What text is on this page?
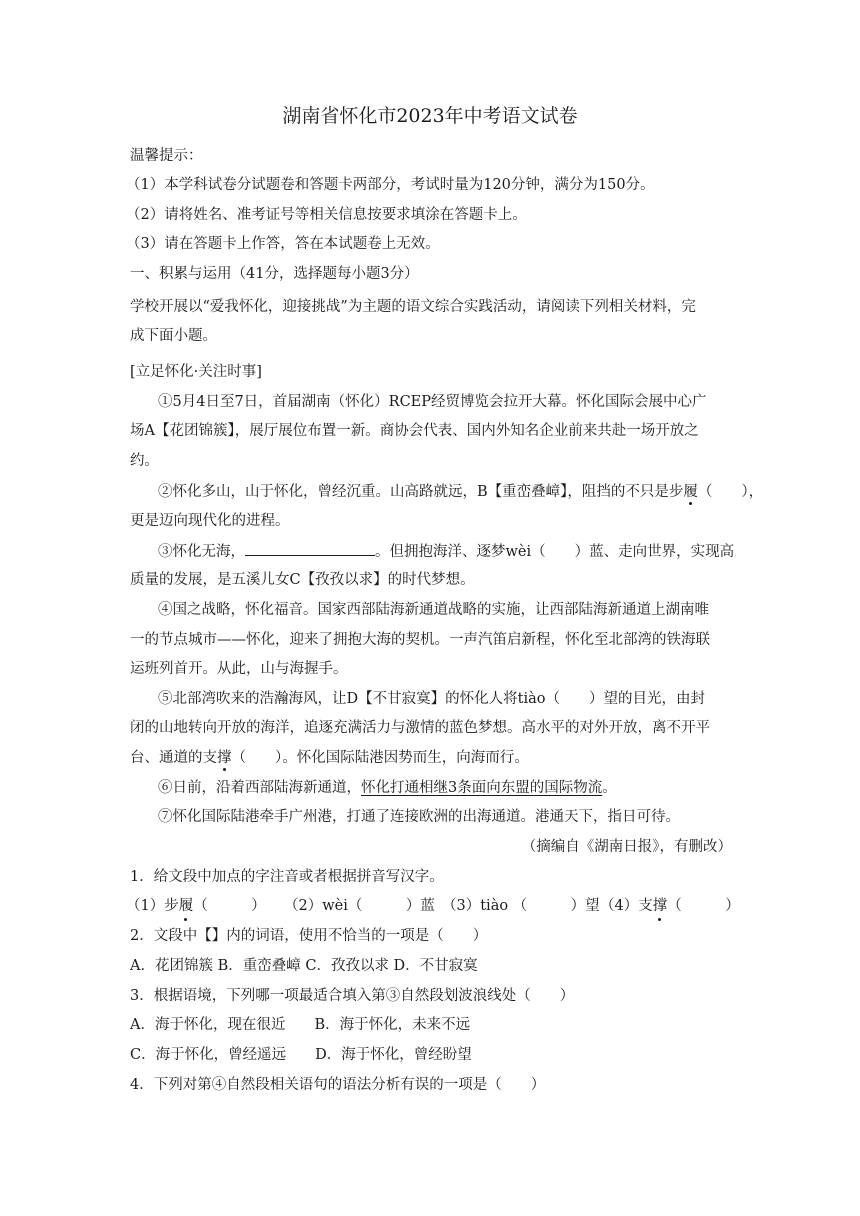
湖南省怀化市2023年中考语文试卷
温馨提示：
（1）本学科试卷分试题卷和答题卡两部分，考试时量为120分钟，满分为150分。
（2）请将姓名、准考证号等相关信息按要求填涂在答题卡上。
（3）请在答题卡上作答，答在本试题卷上无效。
一、积累与运用（41分，选择题每小题3分）
学校开展以“爱我怀化，迎接挑战”为主题的语文综合实践活动，请阅读下列相关材料，完
成下面小题。
[立足怀化·关注时事]
①5月4日至7日，首届湖南（怀化）RCEP经贸博览会拉开大幕。怀化国际会展中心广
场A【花团锦簇】，展厅展位布置一新。商协会代表、国内外知名企业前来共赴一场开放之
约。
②怀化多山，山于怀化，曾经沉重。山高路就远，B【重峦叠嶂】，阻挡的不只是步履（　　），
更是迈向现代化的进程。
③怀化无海，	。但拥抱海洋、逐梦wèi（　　）蓝、走向世界，实现高
质量的发展，是五溪儿女C【孜孜以求】的时代梦想。
④国之战略，怀化福音。国家西部陆海新通道战略的实施，让西部陆海新通道上湖南唯
一的节点城市——怀化，迎来了拥抱大海的契机。一声汽笛启新程，怀化至北部湾的铁海联
运班列首开。从此，山与海握手。
⑤北部湾吹来的浩瀚海风，让D【不甘寂寞】的怀化人将tiào（　　）望的目光，由封
闭的山地转向开放的海洋，追逐充满活力与激情的蓝色梦想。高水平的对外开放，离不开平
台、通道的支撑（　　）。怀化国际陆港因势而生，向海而行。
⑥日前，沿着西部陆海新通道，怀化打通相继3条面向东盟的国际物流。
⑦怀化国际陆港牵手广州港，打通了连接欧洲的出海通道。港通天下，指日可待。
（摘编自《湖南日报》，有删改）
1．给文段中加点的字注音或者根据拼音写汉字。
（1）步履（　　　） （2）wèi（　　　）蓝 （3）tiào （　　　）望（4）支撑（　　　）
2．文段中【】内的词语，使用不恰当的一项是（　　）
A．花团锦簇 B．重峦叠嶂 C．孜孜以求 D．不甘寂寞
3．根据语境，下列哪一项最适合填入第③自然段划波浪线处（　　）
A．海于怀化，现在很近　　B．海于怀化，未来不远
C．海于怀化，曾经遥远　　D．海于怀化，曾经盼望
4．下列对第④自然段相关语句的语法分析有误的一项是（　　）
